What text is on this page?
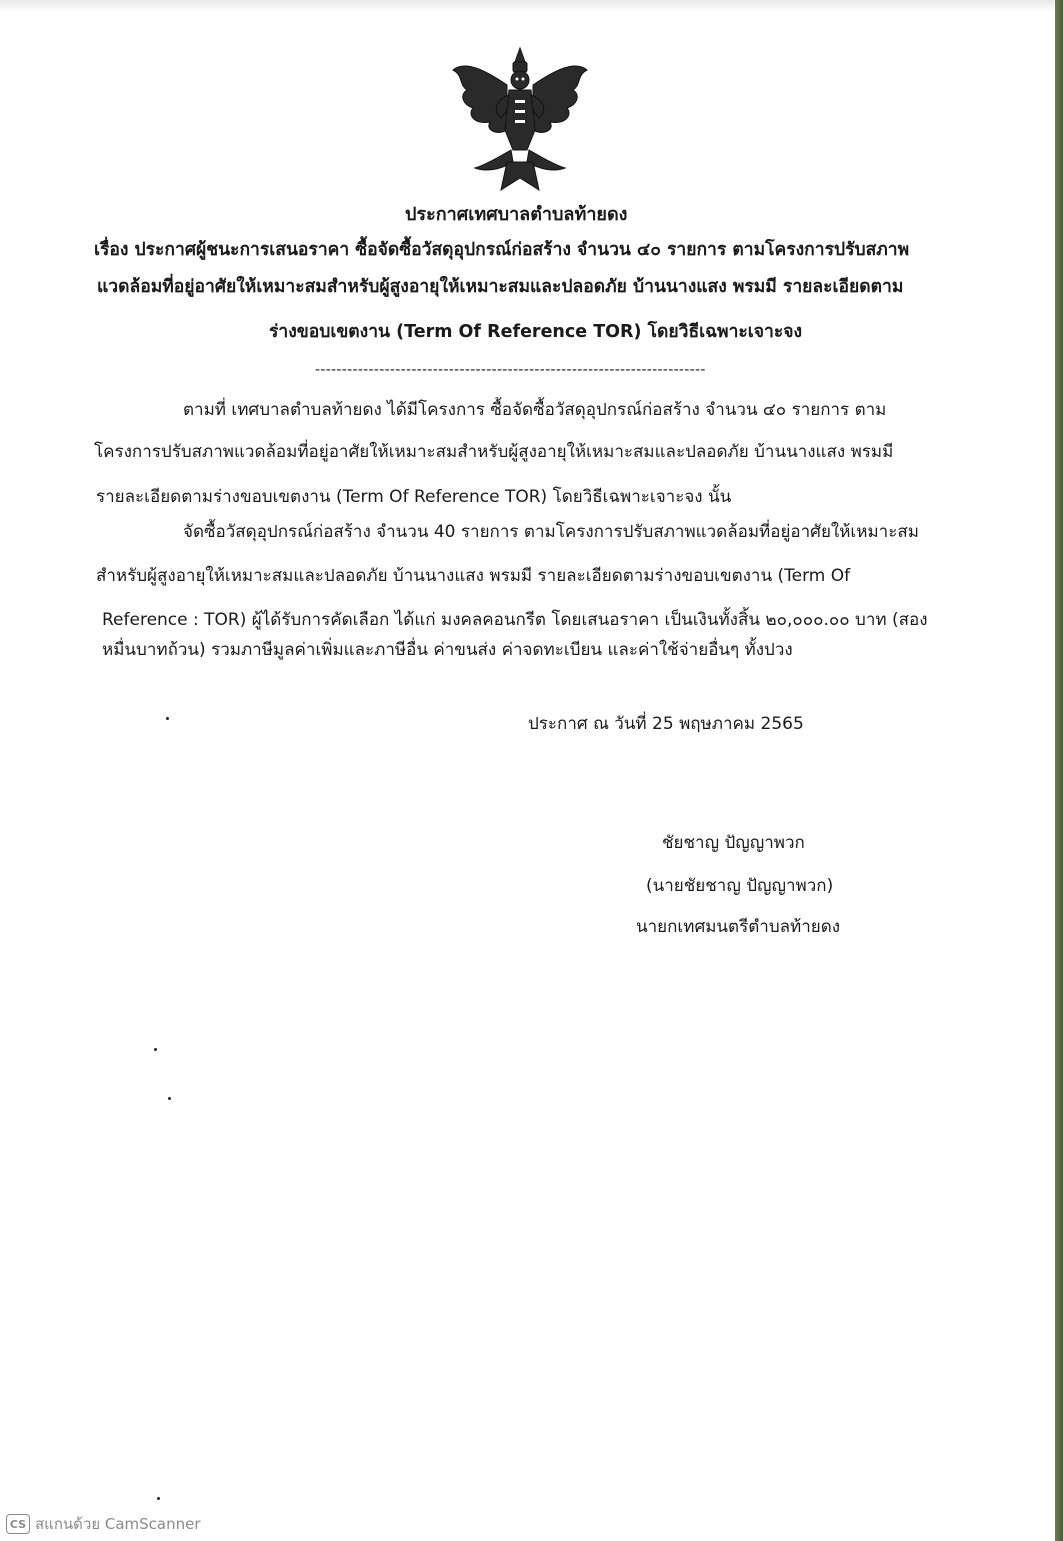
ประกาศเทศบาลตำบลท้ายดง
เรื่อง ประกาศผู้ชนะการเสนอราคา ซื้อจัดซื้อวัสดุอุปกรณ์ก่อสร้าง จำนวน ๔๐ รายการ ตามโครงการปรับสภาพ
แวดล้อมที่อยู่อาศัยให้เหมาะสมสำหรับผู้สูงอายุให้เหมาะสมและปลอดภัย บ้านนางแสง พรมมี รายละเอียดตาม
ร่างขอบเขตงาน (Term Of Reference TOR) โดยวิธีเฉพาะเจาะจง
-------------------------------------------------------------------------
ตามที่ เทศบาลตำบลท้ายดง ได้มีโครงการ ซื้อจัดซื้อวัสดุอุปกรณ์ก่อสร้าง จำนวน ๔๐ รายการ ตาม
โครงการปรับสภาพแวดล้อมที่อยู่อาศัยให้เหมาะสมสำหรับผู้สูงอายุให้เหมาะสมและปลอดภัย บ้านนางแสง พรมมี
รายละเอียดตามร่างขอบเขตงาน (Term Of Reference TOR) โดยวิธีเฉพาะเจาะจง นั้น
จัดซื้อวัสดุอุปกรณ์ก่อสร้าง จำนวน 40 รายการ ตามโครงการปรับสภาพแวดล้อมที่อยู่อาศัยให้เหมาะสม
สำหรับผู้สูงอายุให้เหมาะสมและปลอดภัย บ้านนางแสง พรมมี รายละเอียดตามร่างขอบเขตงาน (Term Of
Reference : TOR) ผู้ได้รับการคัดเลือก ได้แก่ มงคลคอนกรีต โดยเสนอราคา เป็นเงินทั้งสิ้น ๒๐,๐๐๐.๐๐ บาท (สอง
หมื่นบาทถ้วน) รวมภาษีมูลค่าเพิ่มและภาษีอื่น ค่าขนส่ง ค่าจดทะเบียน และค่าใช้จ่ายอื่นๆ ทั้งปวง
ประกาศ ณ วันที่ 25 พฤษภาคม 2565
ชัยชาญ ปัญญาพวก
(นายชัยชาญ ปัญญาพวก)
นายกเทศมนตรีตำบลท้ายดง
CS สแกนด้วย CamScanner
